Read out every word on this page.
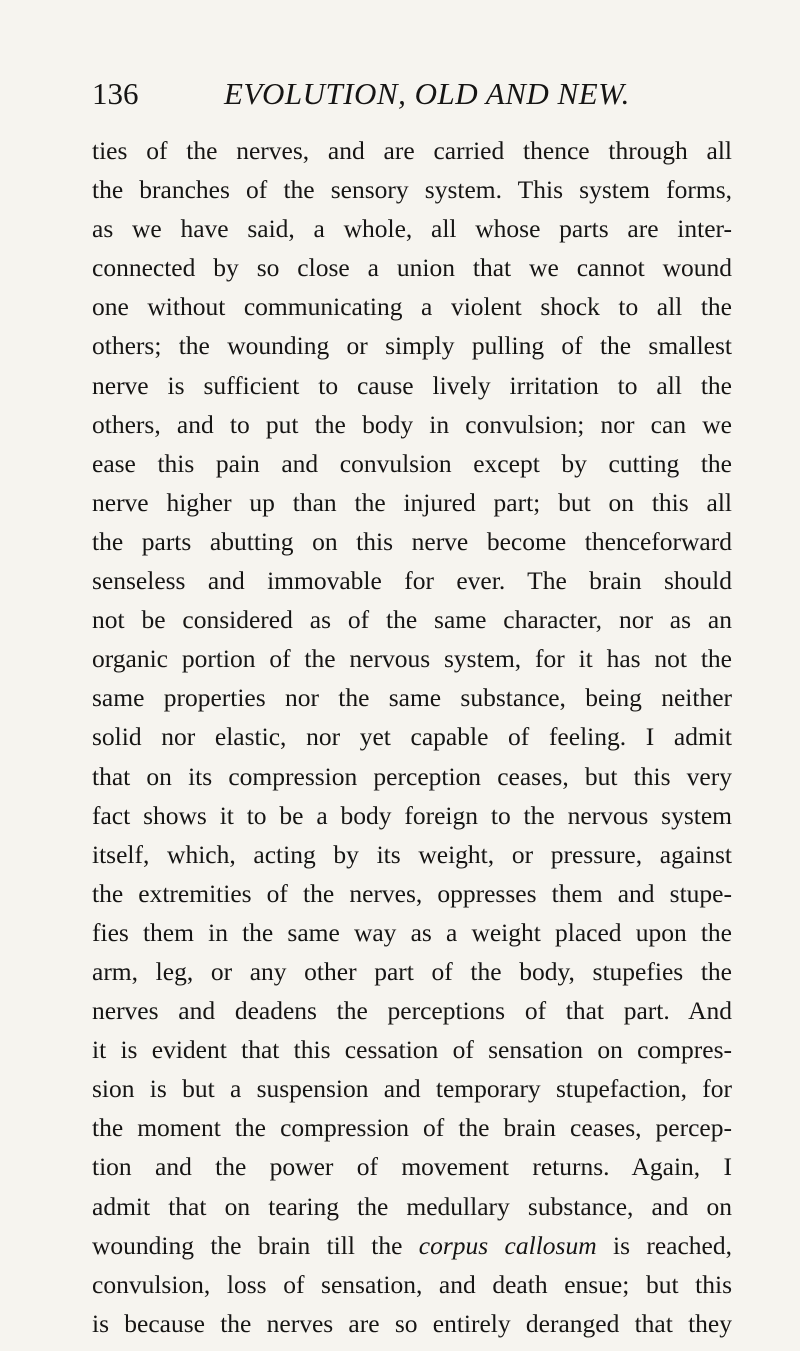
136	EVOLUTION, OLD AND NEW.
ties of the nerves, and are carried thence through all
the branches of the sensory system. This system forms,
as we have said, a whole, all whose parts are inter-
connected by so close a union that we cannot wound
one without communicating a violent shock to all the
others; the wounding or simply pulling of the smallest
nerve is sufficient to cause lively irritation to all the
others, and to put the body in convulsion; nor can we
ease this pain and convulsion except by cutting the
nerve higher up than the injured part; but on this all
the parts abutting on this nerve become thenceforward
senseless and immovable for ever. The brain should
not be considered as of the same character, nor as an
organic portion of the nervous system, for it has not the
same properties nor the same substance, being neither
solid nor elastic, nor yet capable of feeling. I admit
that on its compression perception ceases, but this very
fact shows it to be a body foreign to the nervous system
itself, which, acting by its weight, or pressure, against
the extremities of the nerves, oppresses them and stupe-
fies them in the same way as a weight placed upon the
arm, leg, or any other part of the body, stupefies the
nerves and deadens the perceptions of that part. And
it is evident that this cessation of sensation on compres-
sion is but a suspension and temporary stupefaction, for
the moment the compression of the brain ceases, percep-
tion and the power of movement returns. Again, I
admit that on tearing the medullary substance, and on
wounding the brain till the corpus callosum is reached,
convulsion, loss of sensation, and death ensue; but this
is because the nerves are so entirely deranged that they
